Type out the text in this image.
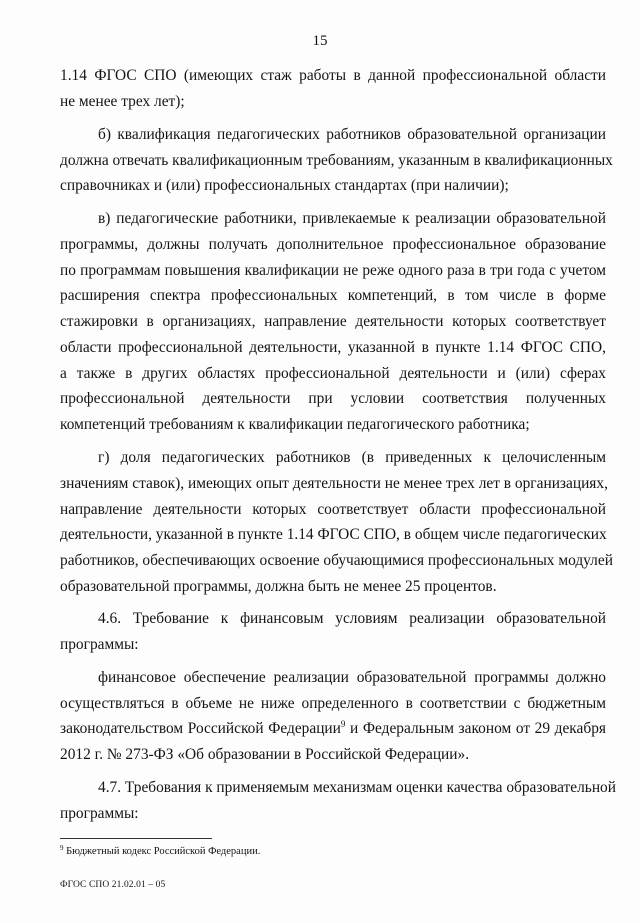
15
1.14 ФГОС СПО (имеющих стаж работы в данной профессиональной области
не менее трех лет);
б) квалификация педагогических работников образовательной организации
должна отвечать квалификационным требованиям, указанным в квалификационных
справочниках и (или) профессиональных стандартах (при наличии);
в) педагогические работники, привлекаемые к реализации образовательной
программы, должны получать дополнительное профессиональное образование
по программам повышения квалификации не реже одного раза в три года с учетом
расширения спектра профессиональных компетенций, в том числе в форме
стажировки в организациях, направление деятельности которых соответствует
области профессиональной деятельности, указанной в пункте 1.14 ФГОС СПО,
а также в других областях профессиональной деятельности и (или) сферах
профессиональной деятельности при условии соответствия полученных
компетенций требованиям к квалификации педагогического работника;
г) доля педагогических работников (в приведенных к целочисленным
значениям ставок), имеющих опыт деятельности не менее трех лет в организациях,
направление деятельности которых соответствует области профессиональной
деятельности, указанной в пункте 1.14 ФГОС СПО, в общем числе педагогических
работников, обеспечивающих освоение обучающимися профессиональных модулей
образовательной программы, должна быть не менее 25 процентов.
4.6. Требование к финансовым условиям реализации образовательной
программы:
финансовое обеспечение реализации образовательной программы должно
осуществляться в объеме не ниже определенного в соответствии с бюджетным
законодательством Российской Федерации$^9$ и Федеральным законом от 29 декабря
2012 г. № 273-ФЗ «Об образовании в Российской Федерации».
4.7. Требования к применяемым механизмам оценки качества образовательной
программы:
$^9$ Бюджетный кодекс Российской Федерации.
ФГОС СПО 21.02.01 – 05
